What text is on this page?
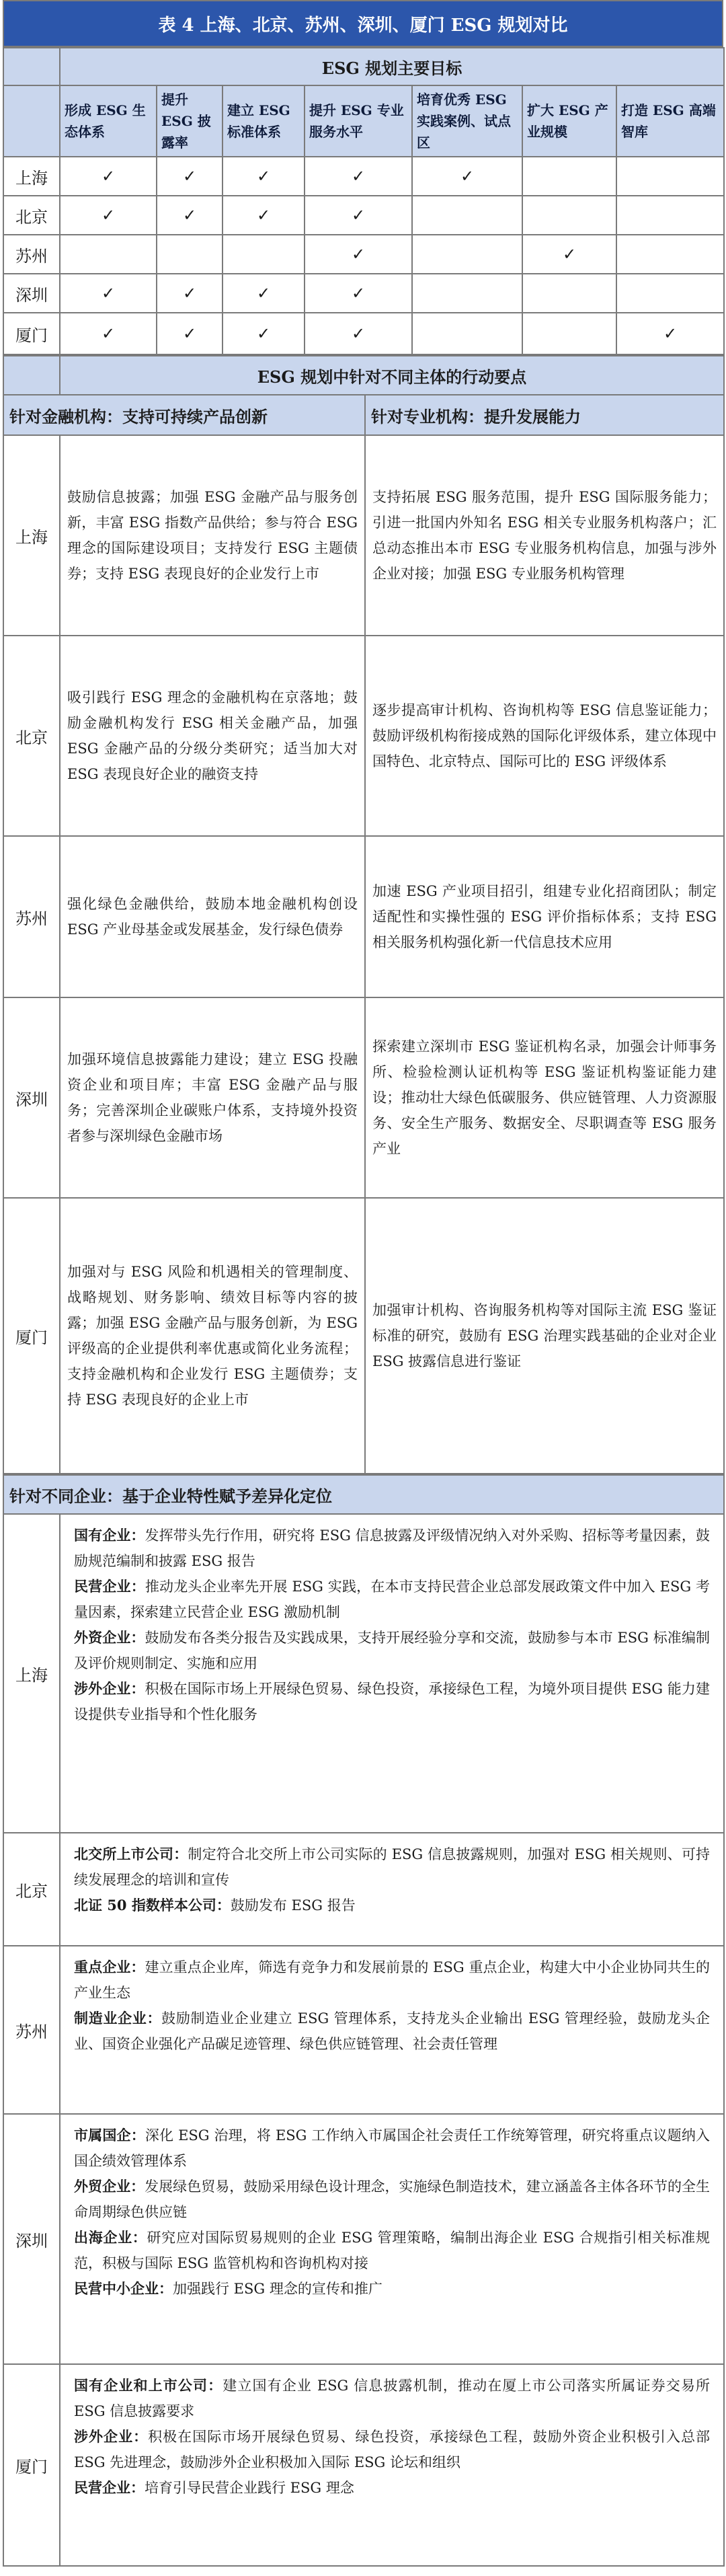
表 4 上海、北京、苏州、深圳、厦门 ESG 规划对比
	ESG 规划主要目标						
	形成 ESG 生态体系	提升 ESG 披露率	建立 ESG 标准体系	提升 ESG 专业服务水平	培育优秀 ESG 实践案例、试点区	扩大 ESG 产业规模	打造 ESG 高端智库
上海	✓	✓	✓	✓	✓		
北京	✓	✓	✓	✓			
苏州				✓		✓	
深圳	✓	✓	✓	✓			
厦门	✓	✓	✓	✓			✓
	ESG 规划中针对不同主体的行动要点	
针对金融机构：支持可持续产品创新		针对专业机构：提升发展能力
上海	鼓励信息披露；加强 ESG 金融产品与服务创新，丰富 ESG 指数产品供给；参与符合 ESG 理念的国际建设项目；支持发行 ESG 主题债券；支持 ESG 表现良好的企业发行上市	支持拓展 ESG 服务范围，提升 ESG 国际服务能力；引进一批国内外知名 ESG 相关专业服务机构落户；汇总动态推出本市 ESG 专业服务机构信息，加强与涉外企业对接；加强 ESG 专业服务机构管理
北京	吸引践行 ESG 理念的金融机构在京落地；鼓励金融机构发行 ESG 相关金融产品，加强 ESG 金融产品的分级分类研究；适当加大对 ESG 表现良好企业的融资支持	逐步提高审计机构、咨询机构等 ESG 信息鉴证能力；鼓励评级机构衔接成熟的国际化评级体系，建立体现中国特色、北京特点、国际可比的 ESG 评级体系
苏州	强化绿色金融供给，鼓励本地金融机构创设 ESG 产业母基金或发展基金，发行绿色债券	加速 ESG 产业项目招引，组建专业化招商团队；制定适配性和实操性强的 ESG 评价指标体系；支持 ESG 相关服务机构强化新一代信息技术应用
深圳	加强环境信息披露能力建设；建立 ESG 投融资企业和项目库；丰富 ESG 金融产品与服务；完善深圳企业碳账户体系，支持境外投资者参与深圳绿色金融市场	探索建立深圳市 ESG 鉴证机构名录，加强会计师事务所、检验检测认证机构等 ESG 鉴证机构鉴证能力建设；推动壮大绿色低碳服务、供应链管理、人力资源服务、安全生产服务、数据安全、尽职调查等 ESG 服务产业
厦门	加强对与 ESG 风险和机遇相关的管理制度、战略规划、财务影响、绩效目标等内容的披露；加强 ESG 金融产品与服务创新，为 ESG 评级高的企业提供利率优惠或简化业务流程；支持金融机构和企业发行 ESG 主题债券；支持 ESG 表现良好的企业上市	加强审计机构、咨询服务机构等对国际主流 ESG 鉴证标准的研究，鼓励有 ESG 治理实践基础的企业对企业 ESG 披露信息进行鉴证
针对不同企业：基于企业特性赋予差异化定位	
上海	国有企业：发挥带头先行作用，研究将 ESG 信息披露及评级情况纳入对外采购、招标等考量因素，鼓励规范编制和披露 ESG 报告

民营企业：推动龙头企业率先开展 ESG 实践，在本市支持民营企业总部发展政策文件中加入 ESG 考量因素，探索建立民营企业 ESG 激励机制

外资企业：鼓励发布各类分报告及实践成果，支持开展经验分享和交流，鼓励参与本市 ESG 标准编制及评价规则制定、实施和应用

涉外企业：积极在国际市场上开展绿色贸易、绿色投资，承接绿色工程，为境外项目提供 ESG 能力建设提供专业指导和个性化服务

北京	北交所上市公司：制定符合北交所上市公司实际的 ESG 信息披露规则，加强对 ESG 相关规则、可持续发展理念的培训和宣传

北证 50 指数样本公司：鼓励发布 ESG 报告

苏州	重点企业：建立重点企业库，筛选有竞争力和发展前景的 ESG 重点企业，构建大中小企业协同共生的产业生态

制造业企业：鼓励制造业企业建立 ESG 管理体系，支持龙头企业输出 ESG 管理经验，鼓励龙头企业、国资企业强化产品碳足迹管理、绿色供应链管理、社会责任管理

深圳	市属国企：深化 ESG 治理，将 ESG 工作纳入市属国企社会责任工作统筹管理，研究将重点议题纳入国企绩效管理体系

外贸企业：发展绿色贸易，鼓励采用绿色设计理念，实施绿色制造技术，建立涵盖各主体各环节的全生命周期绿色供应链

出海企业：研究应对国际贸易规则的企业 ESG 管理策略，编制出海企业 ESG 合规指引相关标准规范，积极与国际 ESG 监管机构和咨询机构对接

民营中小企业：加强践行 ESG 理念的宣传和推广

厦门	国有企业和上市公司：建立国有企业 ESG 信息披露机制，推动在厦上市公司落实所属证券交易所 ESG 信息披露要求

涉外企业：积极在国际市场开展绿色贸易、绿色投资，承接绿色工程，鼓励外资企业积极引入总部 ESG 先进理念，鼓励涉外企业积极加入国际 ESG 论坛和组织

民营企业：培育引导民营企业践行 ESG 理念
